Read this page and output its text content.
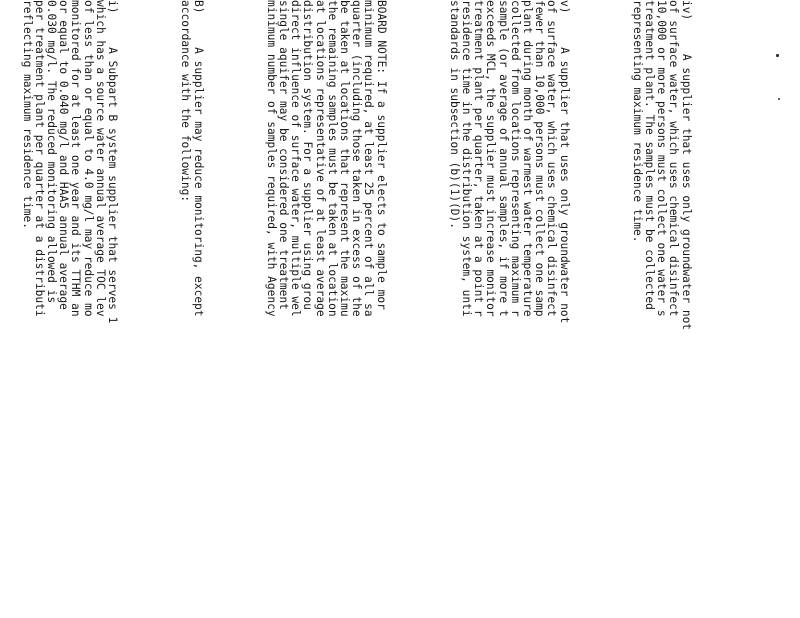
iv)     A supplier that uses only groundwater not
of surface water, which uses chemical disinfect
10,000 or more persons must collect one water s
treatment plant. The samples must be collected
representing maximum residence time.

v)     A supplier that uses only groundwater not
of surface water, which uses chemical disinfect
fewer than 10,000 persons must collect one samp
plant during month of warmest water temperature
collected from locations representing maximum r
sample (or average of annual samples, if more t
exceeds MCL, the supplier must increase monitor
treatment plant per quarter, taken at a point r
residence time in the distribution system, unti
standards in subsection (b)(1)(D).

BOARD NOTE: If a supplier elects to sample mor
minimum required, at least 25 percent of all sa
quarter (including those taken in excess of the
be taken at locations that represent the maximu
the remaining samples must be taken at location
at locations representative of at least average
distribution system. For a supplier using grou
direct influence of surface water, multiple wel
single aquifer may be considered one treatment
minimum number of samples required, with Agency

B)     A supplier may reduce monitoring, except
accordance with the following:

i)     A Subpart B system supplier that serves 1
which has a source water annual average TOC lev
of less than or equal to 4.0 mg/l may reduce mo
monitored for at least one year and its TTHM an
or equal to 0.040 mg/l and HAA5 annual average
0.030 mg/l. The reduced monitoring allowed is
per treatment plant per quarter at a distributi
reflecting maximum residence time.
